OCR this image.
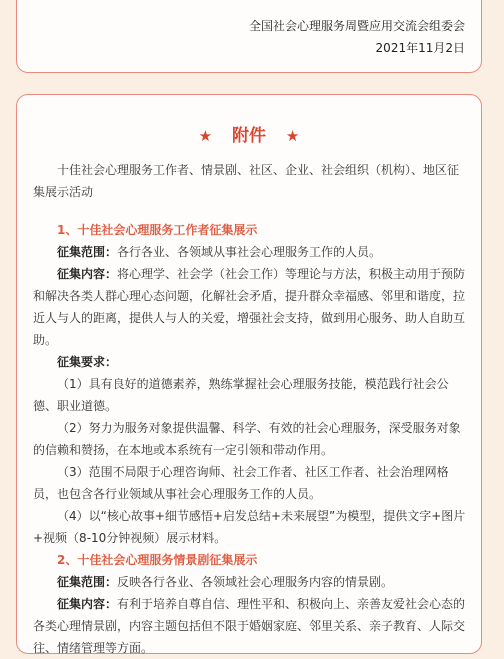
全国社会心理服务周暨应用交流会组委会
2021年11月2日
★ 附件 ★
十佳社会心理服务工作者、情景剧、社区、企业、社会组织（机构）、地区征集展示活动
1、十佳社会心理服务工作者征集展示
征集范围：各行各业、各领域从事社会心理服务工作的人员。
征集内容：将心理学、社会学（社会工作）等理论与方法，积极主动用于预防和解决各类人群心理心态问题，化解社会矛盾，提升群众幸福感、邻里和谐度，拉近人与人的距离，提供人与人的关爱，增强社会支持，做到用心服务、助人自助互助。
征集要求：
（1）具有良好的道德素养，熟练掌握社会心理服务技能，模范践行社会公德、职业道德。
（2）努力为服务对象提供温馨、科学、有效的社会心理服务，深受服务对象的信赖和赞扬，在本地或本系统有一定引领和带动作用。
（3）范围不局限于心理咨询师、社会工作者、社区工作者、社会治理网格员，也包含各行业领域从事社会心理服务工作的人员。
（4）以“核心故事+细节感悟+启发总结+未来展望”为模型，提供文字+图片+视频（8-10分钟视频）展示材料。
2、十佳社会心理服务情景剧征集展示
征集范围：反映各行各业、各领域社会心理服务内容的情景剧。
征集内容：有利于培养自尊自信、理性平和、积极向上、亲善友爱社会心态的各类心理情景剧，内容主题包括但不限于婚姻家庭、邻里关系、亲子教育、人际交往、情绪管理等方面。
